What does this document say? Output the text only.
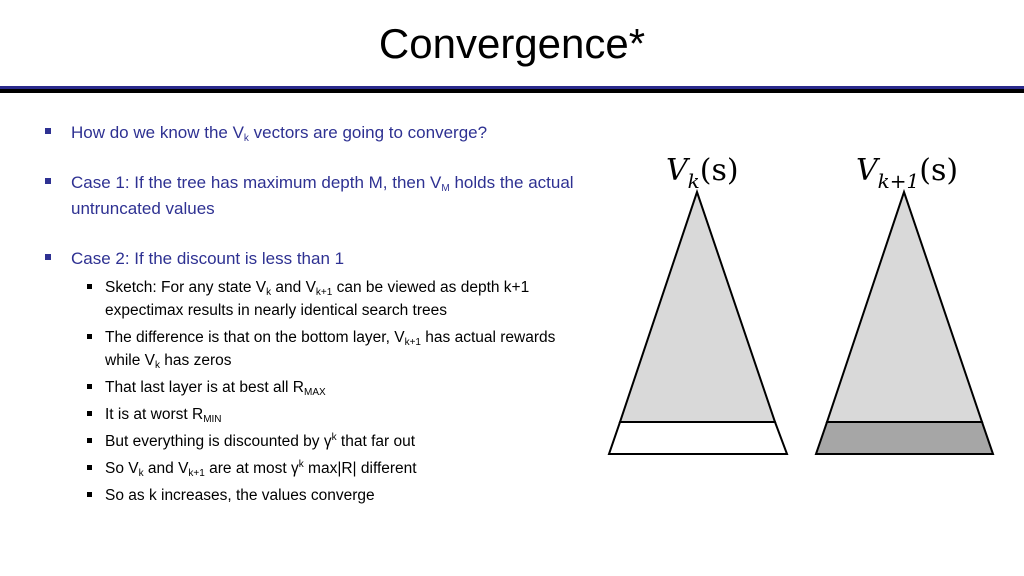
Convergence*
How do we know the $V_k$ vectors are going to converge?
Case 1: If the tree has maximum depth M, then $V_M$ holds the actual untruncated values
Case 2: If the discount is less than 1
Sketch: For any state $V_k$ and $V_{k+1}$ can be viewed as depth k+1 expectimax results in nearly identical search trees
The difference is that on the bottom layer, $V_{k+1}$ has actual rewards while $V_k$ has zeros
That last layer is at best all $R_{MAX}$
It is at worst $R_{MIN}$
But everything is discounted by $\gamma^k$ that far out
So $V_k$ and $V_{k+1}$ are at most $\gamma^k$ max|R| different
So as k increases, the values converge
$V_k(s)$	$V_{k+1}(s)$
